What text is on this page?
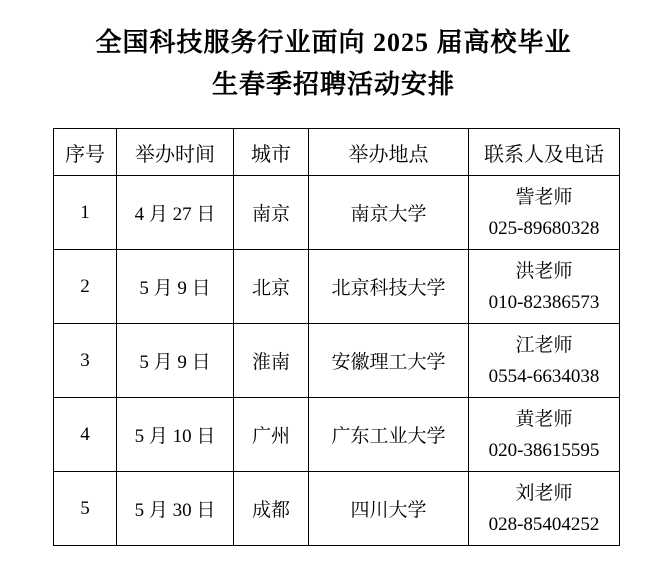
全国科技服务行业面向 2025 届高校毕业
生春季招聘活动安排
序号	举办时间	城市	举办地点	联系人及电话
1	4 月 27 日	南京	南京大学	訾老师
025-89680328

2	5 月 9 日	北京	北京科技大学	洪老师
010-82386573

3	5 月 9 日	淮南	安徽理工大学	江老师
0554-6634038

4	5 月 10 日	广州	广东工业大学	黄老师
020-38615595

5	5 月 30 日	成都	四川大学	刘老师
028-85404252
